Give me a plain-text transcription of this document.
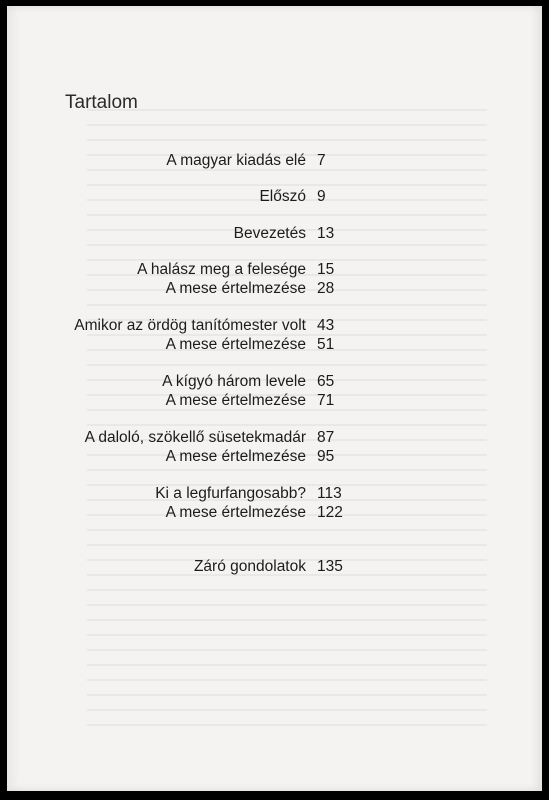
Tartalom
A magyar kiadás elé 7
Előszó 9
Bevezetés 13
A halász meg a felesége 15
A mese értelmezése 28
Amikor az ördög tanítómester volt 43
A mese értelmezése 51
A kígyó három levele 65
A mese értelmezése 71
A daloló, szökellő süsetekmadár 87
A mese értelmezése 95
Ki a legfurfangosabb? 113
A mese értelmezése 122
Záró gondolatok 135
